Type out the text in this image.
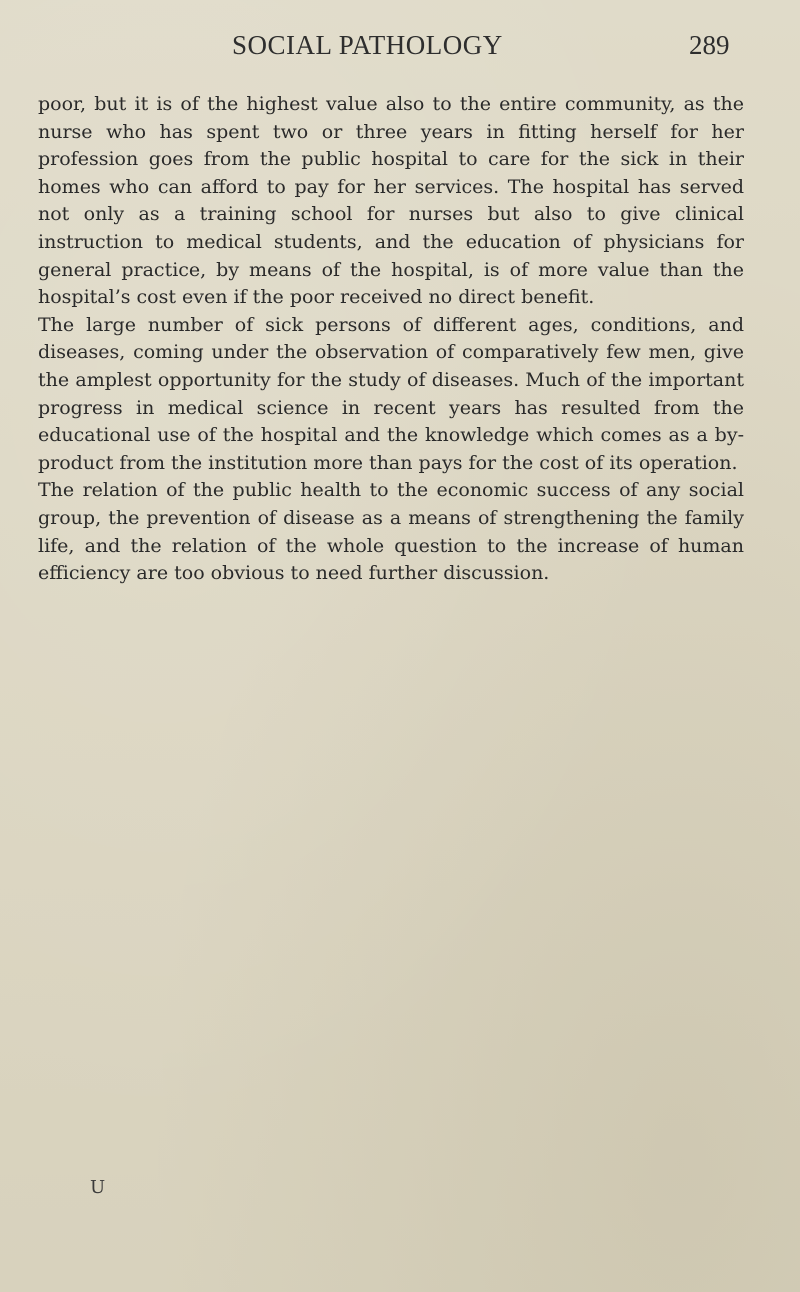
SOCIAL PATHOLOGY	289

poor, but it is of the highest value also to the entire community, as the nurse who has spent two or three years in fitting herself for her profession goes from the public hospital to care for the sick in their homes who can afford to pay for her services. The hospital has served not only as a training school for nurses but also to give clinical instruction to medical students, and the education of physicians for general practice, by means of the hospital, is of more value than the hospital’s cost even if the poor received no direct benefit.

The large number of sick persons of different ages, conditions, and diseases, coming under the observation of comparatively few men, give the amplest opportunity for the study of diseases. Much of the important progress in medical science in recent years has resulted from the educational use of the hospital and the knowledge which comes as a by-product from the institution more than pays for the cost of its operation.

The relation of the public health to the economic success of any social group, the prevention of disease as a means of strengthening the family life, and the relation of the whole question to the increase of human efficiency are too obvious to need further discussion.

U
